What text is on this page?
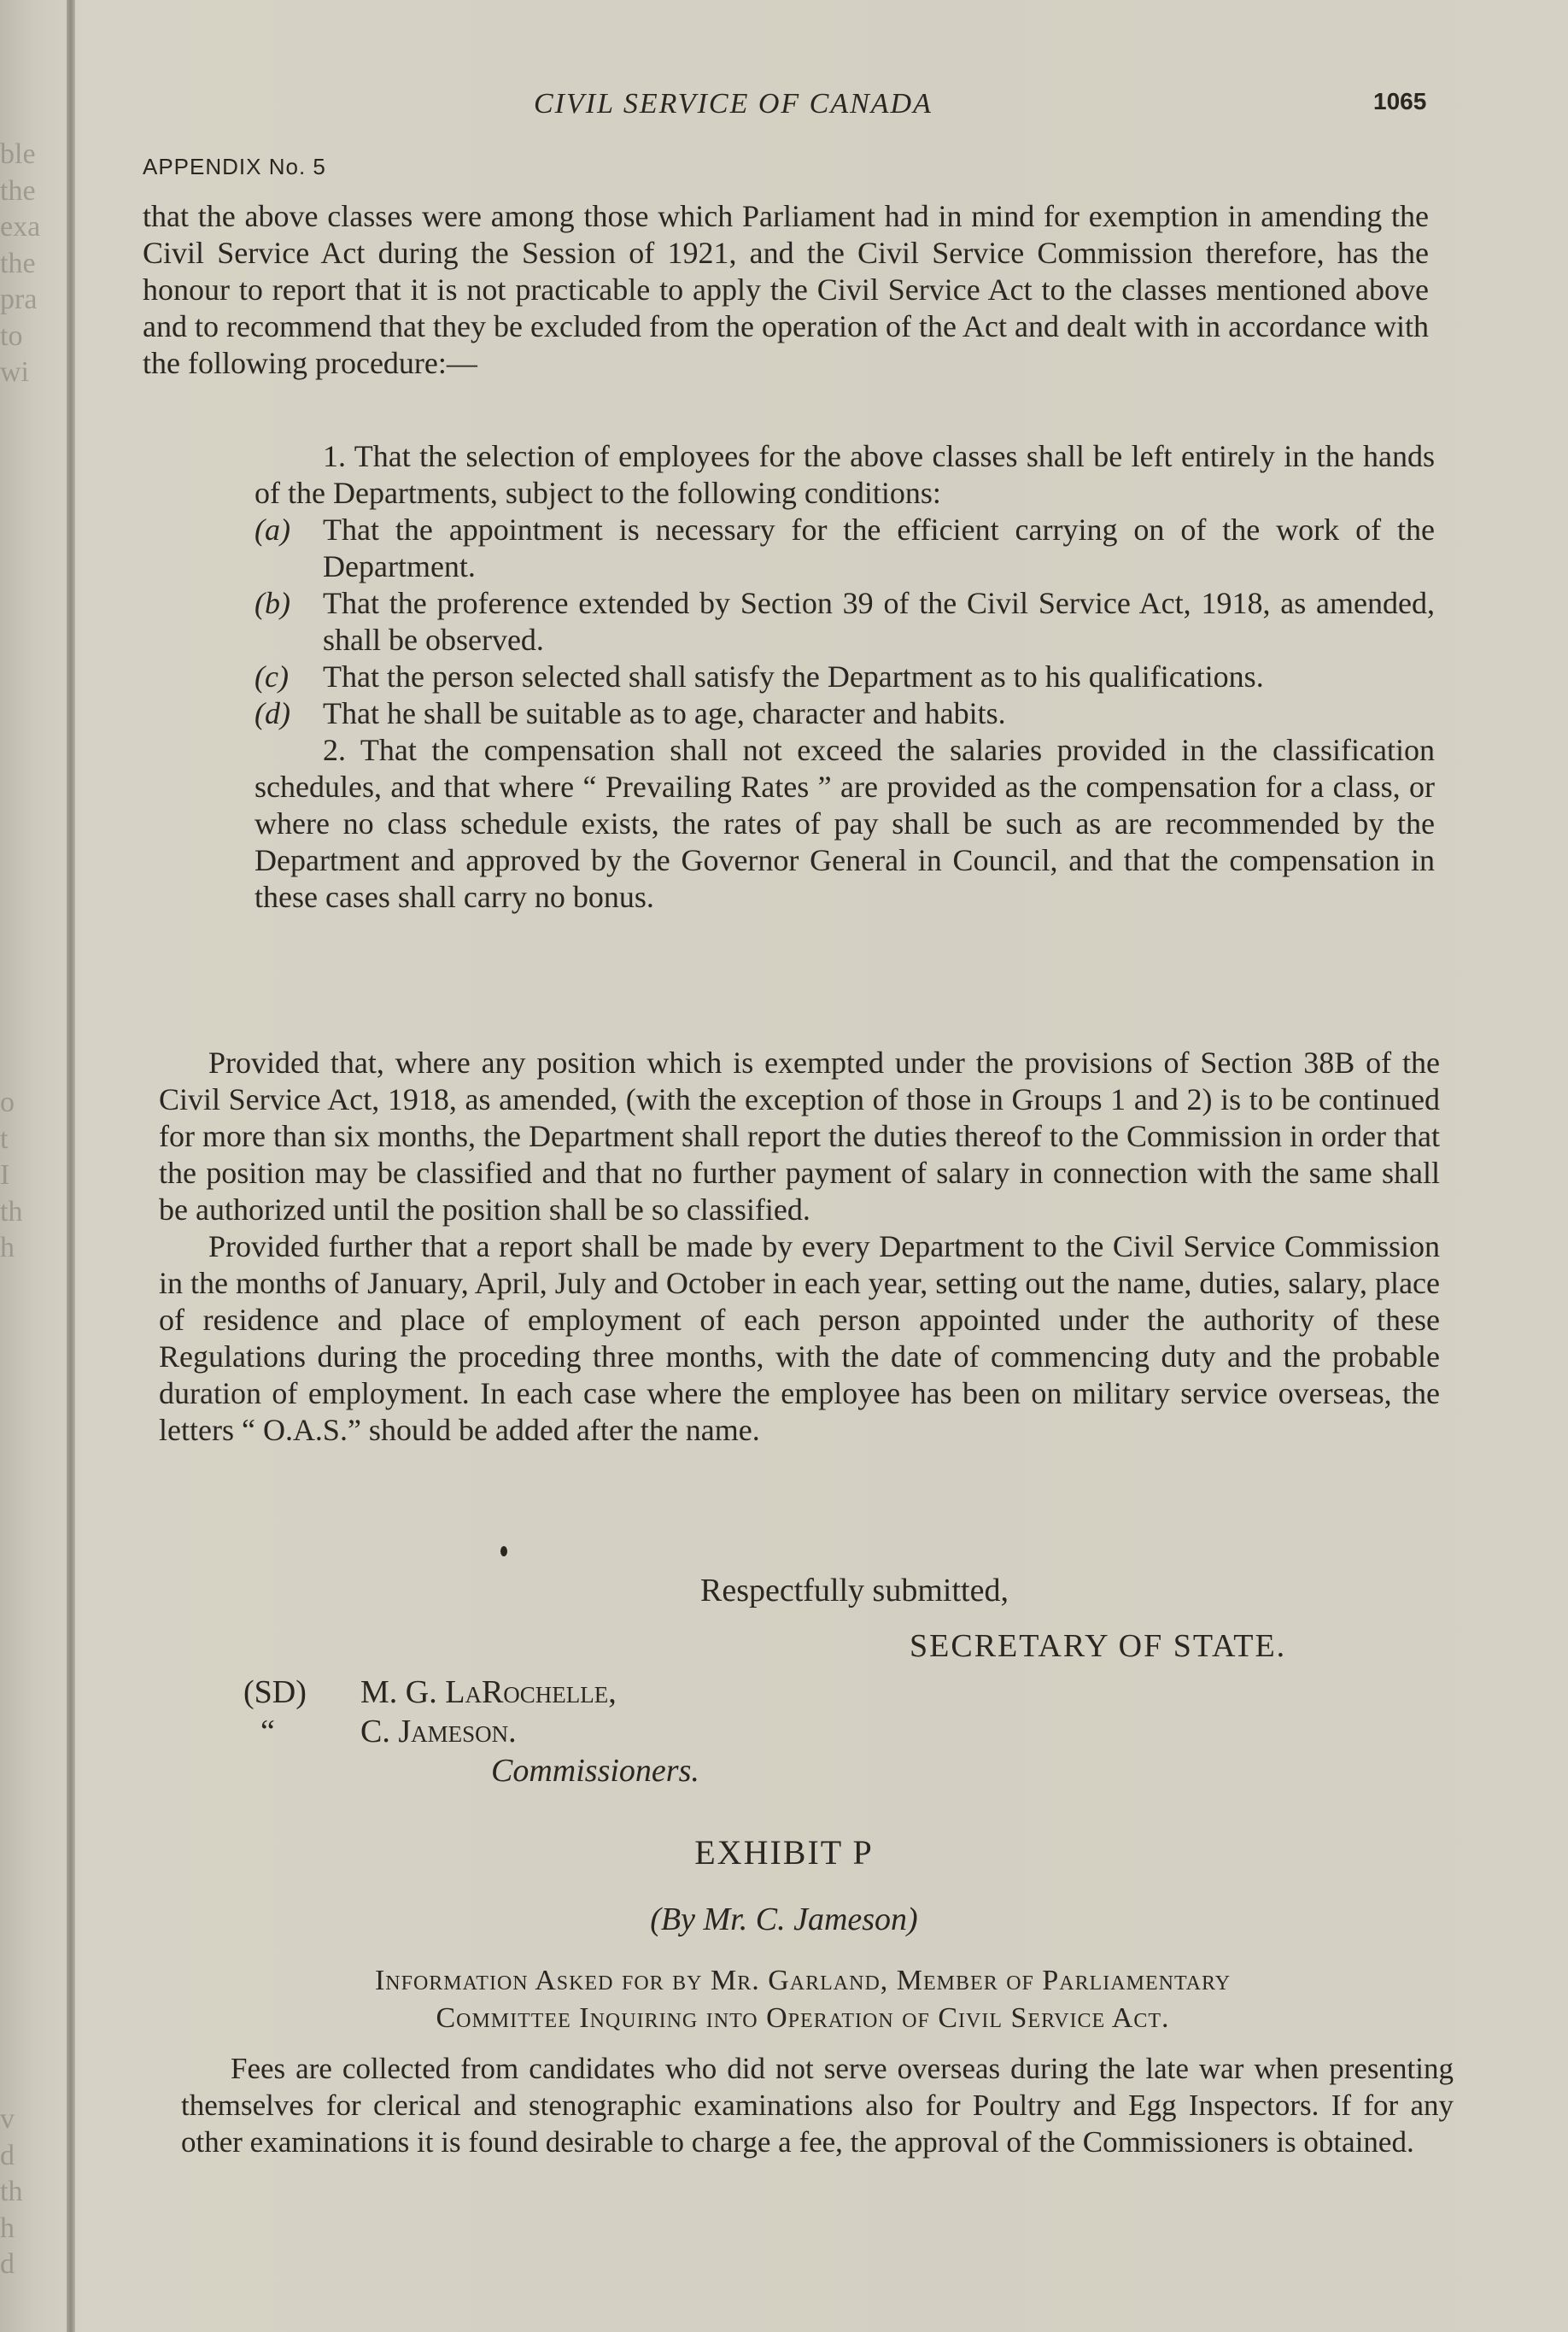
ble
the
exa
the
pra
to
wi
o
t
I
th
h
v
d
th
h
d
CIVIL SERVICE OF CANADA	1065
APPENDIX No. 5

that the above classes were among those which Parliament had in mind for exemption in amending the Civil Service Act during the Session of 1921, and the Civil Service Commission therefore, has the honour to report that it is not practicable to apply the Civil Service Act to the classes mentioned above and to recommend that they be excluded from the operation of the Act and dealt with in accordance with the following procedure:—

1. That the selection of employees for the above classes shall be left entirely in the hands of the Departments, subject to the following conditions:

(a)	That the appointment is necessary for the efficient carrying on of the work of the Department.
(b)	That the proference extended by Section 39 of the Civil Service Act, 1918, as amended, shall be observed.
(c)	That the person selected shall satisfy the Department as to his qualifications.
(d)	That he shall be suitable as to age, character and habits.

2. That the compensation shall not exceed the salaries provided in the classification schedules, and that where “ Prevailing Rates ” are provided as the compensation for a class, or where no class schedule exists, the rates of pay shall be such as are recommended by the Department and approved by the Governor General in Council, and that the compensation in these cases shall carry no bonus.

Provided that, where any position which is exempted under the provisions of Section 38B of the Civil Service Act, 1918, as amended, (with the exception of those in Groups 1 and 2) is to be continued for more than six months, the Department shall report the duties thereof to the Commission in order that the position may be classified and that no further payment of salary in connection with the same shall be authorized until the position shall be so classified.

Provided further that a report shall be made by every Department to the Civil Service Commission in the months of January, April, July and October in each year, setting out the name, duties, salary, place of residence and place of employment of each person appointed under the authority of these Regulations during the proceding three months, with the date of commencing duty and the probable duration of employment. In each case where the employee has been on military service overseas, the letters “ O.A.S.” should be added after the name.

Respectfully submitted,
SECRETARY OF STATE.
(SD)	M. G. LaRochelle,
“	C. Jameson.
Commissioners.
EXHIBIT P
(By Mr. C. Jameson)
Information Asked for by Mr. Garland, Member of Parliamentary
Committee Inquiring into Operation of Civil Service Act.

Fees are collected from candidates who did not serve overseas during the late war when presenting themselves for clerical and stenographic examinations also for Poultry and Egg Inspectors. If for any other examinations it is found desirable to charge a fee, the approval of the Commissioners is obtained.
